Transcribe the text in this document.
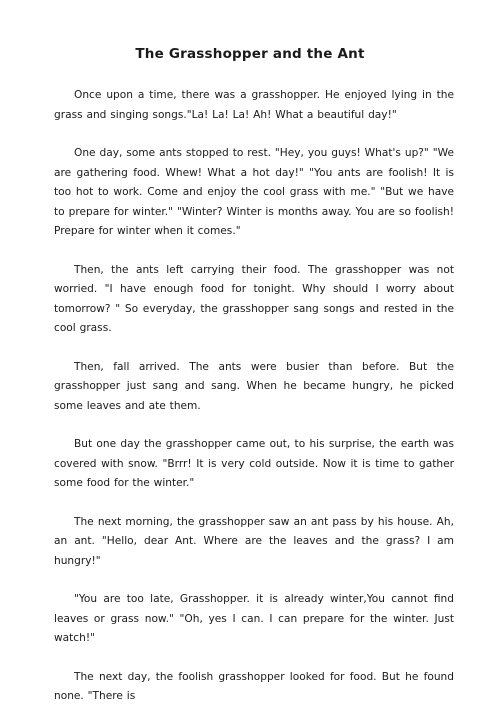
The Grasshopper and the Ant

Once upon a time, there was a grasshopper. He enjoyed lying in the grass and singing songs."La! La! La! Ah! What a beautiful day!"

One day, some ants stopped to rest. "Hey, you guys! What's up?" "We are gathering food. Whew! What a hot day!" "You ants are foolish! It is too hot to work. Come and enjoy the cool grass with me." "But we have to prepare for winter." "Winter? Winter is months away. You are so foolish! Prepare for winter when it comes."

Then, the ants left carrying their food. The grasshopper was not worried. "I have enough food for tonight. Why should I worry about tomorrow? " So everyday, the grasshopper sang songs and rested in the cool grass.

Then, fall arrived. The ants were busier than before. But the grasshopper just sang and sang. When he became hungry, he picked some leaves and ate them.

But one day the grasshopper came out, to his surprise, the earth was covered with snow. "Brrr! It is very cold outside. Now it is time to gather some food for the winter."

The next morning, the grasshopper saw an ant pass by his house. Ah, an ant. "Hello, dear Ant. Where are the leaves and the grass? I am hungry!"

"You are too late, Grasshopper. it is already winter,You cannot find leaves or grass now." "Oh, yes I can. I can prepare for the winter. Just watch!"

The next day, the foolish grasshopper looked for food. But he found none. "There is
